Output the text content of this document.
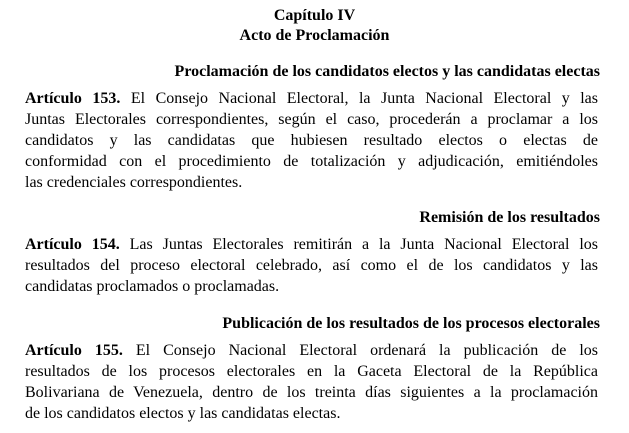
Capítulo IV
Acto de Proclamación
Proclamación de los candidatos electos y las candidatas electas
Artículo 153. El Consejo Nacional Electoral, la Junta Nacional Electoral y las
Juntas Electorales correspondientes, según el caso, procederán a proclamar a los
candidatos y las candidatas que hubiesen resultado electos o electas de
conformidad con el procedimiento de totalización y adjudicación, emitiéndoles
las credenciales correspondientes.
Remisión de los resultados
Artículo 154. Las Juntas Electorales remitirán a la Junta Nacional Electoral los
resultados del proceso electoral celebrado, así como el de los candidatos y las
candidatas proclamados o proclamadas.
Publicación de los resultados de los procesos electorales
Artículo 155. El Consejo Nacional Electoral ordenará la publicación de los
resultados de los procesos electorales en la Gaceta Electoral de la República
Bolivariana de Venezuela, dentro de los treinta días siguientes a la proclamación
de los candidatos electos y las candidatas electas.
